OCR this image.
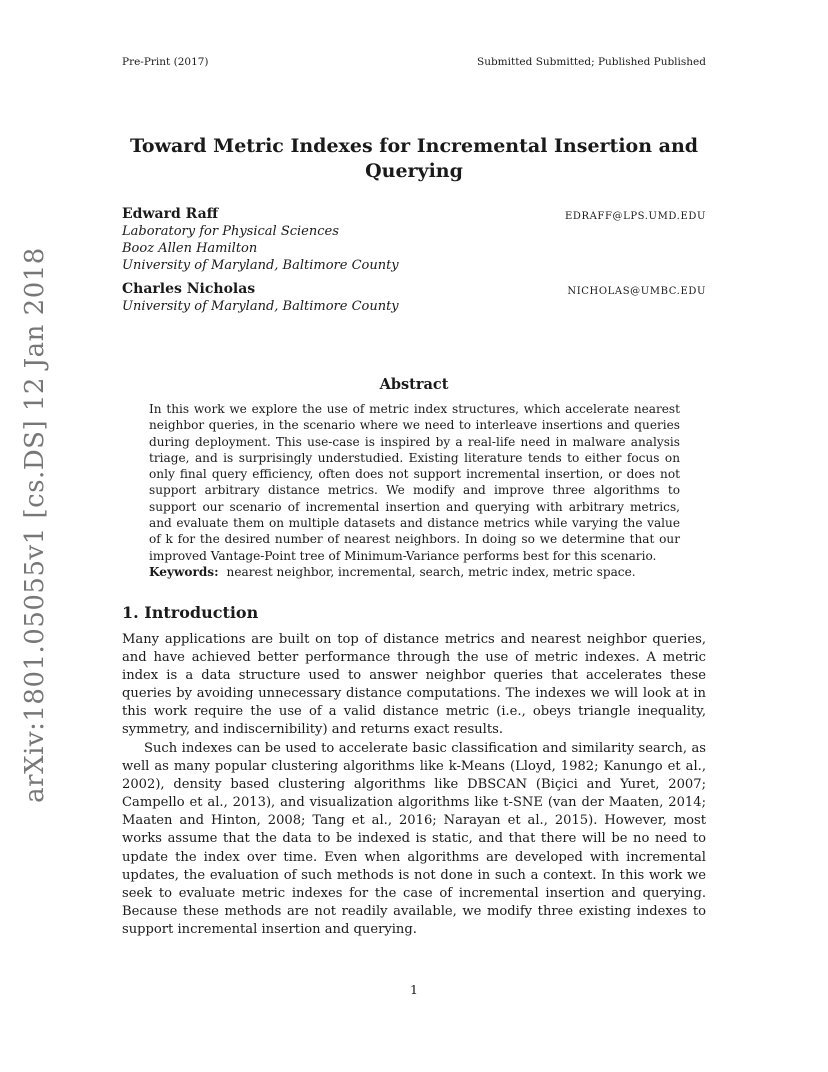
Pre-Print (2017)	Submitted Submitted; Published Published
arXiv:1801.05055v1 [cs.DS] 12 Jan 2018
Toward Metric Indexes for Incremental Insertion and Querying
Edward Raff	EDRAFF@LPS.UMD.EDU
Laboratory for Physical Sciences
Booz Allen Hamilton
University of Maryland, Baltimore County
Charles Nicholas	NICHOLAS@UMBC.EDU
University of Maryland, Baltimore County
Abstract
In this work we explore the use of metric index structures, which accelerate nearest neighbor queries, in the scenario where we need to interleave insertions and queries during deployment. This use-case is inspired by a real-life need in malware analysis triage, and is surprisingly understudied. Existing literature tends to either focus on only final query efficiency, often does not support incremental insertion, or does not support arbitrary distance metrics. We modify and improve three algorithms to support our scenario of incremental insertion and querying with arbitrary metrics, and evaluate them on multiple datasets and distance metrics while varying the value of k for the desired number of nearest neighbors. In doing so we determine that our improved Vantage-Point tree of Minimum-Variance performs best for this scenario.
Keywords: nearest neighbor, incremental, search, metric index, metric space.
1. Introduction
Many applications are built on top of distance metrics and nearest neighbor queries, and have achieved better performance through the use of metric indexes. A metric index is a data structure used to answer neighbor queries that accelerates these queries by avoiding unnecessary distance computations. The indexes we will look at in this work require the use of a valid distance metric (i.e., obeys triangle inequality, symmetry, and indiscernibility) and returns exact results.
Such indexes can be used to accelerate basic classification and similarity search, as well as many popular clustering algorithms like k-Means (Lloyd, 1982; Kanungo et al., 2002), density based clustering algorithms like DBSCAN (Biçici and Yuret, 2007; Campello et al., 2013), and visualization algorithms like t-SNE (van der Maaten, 2014; Maaten and Hinton, 2008; Tang et al., 2016; Narayan et al., 2015). However, most works assume that the data to be indexed is static, and that there will be no need to update the index over time. Even when algorithms are developed with incremental updates, the evaluation of such methods is not done in such a context. In this work we seek to evaluate metric indexes for the case of incremental insertion and querying. Because these methods are not readily available, we modify three existing indexes to support incremental insertion and querying.
1
